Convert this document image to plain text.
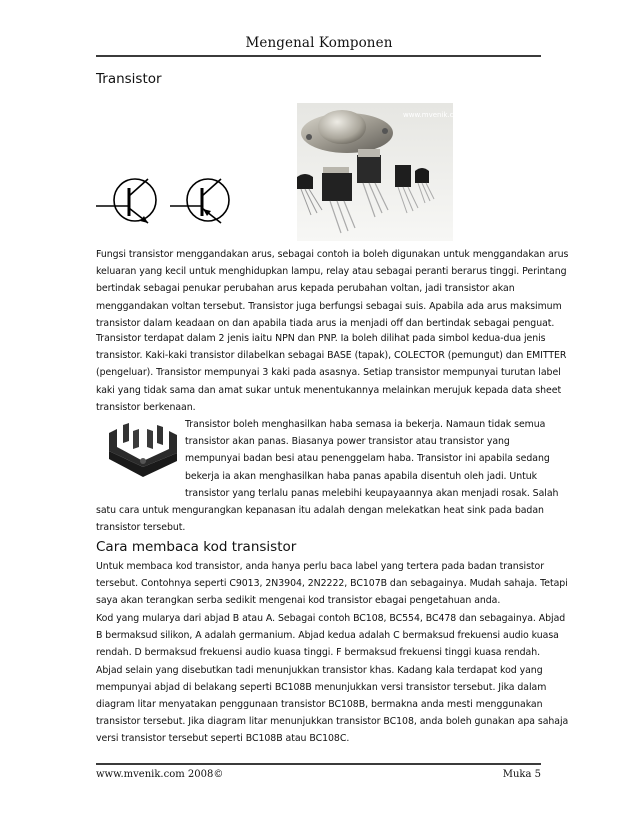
Mengenal Komponen
Transistor
www.mvenik.com

Fungsi transistor menggandakan arus, sebagai contoh ia boleh digunakan untuk menggandakan arus
keluaran yang kecil untuk menghidupkan lampu, relay atau sebagai peranti berarus tinggi. Perintang
bertindak sebagai penukar perubahan arus kepada perubahan voltan, jadi transistor akan
menggandakan voltan tersebut. Transistor juga berfungsi sebagai suis. Apabila ada arus maksimum
transistor dalam keadaan on dan apabila tiada arus ia menjadi off dan bertindak sebagai penguat.

Transistor terdapat dalam 2 jenis iaitu NPN dan PNP. Ia boleh dilihat pada simbol kedua-dua jenis
transistor. Kaki-kaki transistor dilabelkan sebagai BASE (tapak), COLECTOR (pemungut) dan EMITTER
(pengeluar). Transistor mempunyai 3 kaki pada asasnya. Setiap transistor mempunyai turutan label
kaki yang tidak sama dan amat sukar untuk menentukannya melainkan merujuk kepada data sheet
transistor berkenaan.

Transistor boleh menghasilkan haba semasa ia bekerja. Namaun tidak semua
transistor akan panas. Biasanya power transistor atau transistor yang
mempunyai badan besi atau penenggelam haba. Transistor ini apabila sedang
bekerja ia akan menghasilkan haba panas apabila disentuh oleh jadi. Untuk
transistor yang terlalu panas melebihi keupayaannya akan menjadi rosak. Salah
satu cara untuk mengurangkan kepanasan itu adalah dengan melekatkan heat sink pada badan
transistor tersebut.

Cara membaca kod transistor

Untuk membaca kod transistor, anda hanya perlu baca label yang tertera pada badan transistor
tersebut. Contohnya seperti C9013, 2N3904, 2N2222, BC107B dan sebagainya. Mudah sahaja. Tetapi
saya akan terangkan serba sedikit mengenai kod transistor ebagai pengetahuan anda.

Kod yang mularya dari abjad B atau A. Sebagai contoh BC108, BC554, BC478 dan sebagainya. Abjad
B bermaksud silikon, A adalah germanium. Abjad kedua adalah C bermaksud frekuensi audio kuasa
rendah. D bermaksud frekuensi audio kuasa tinggi. F bermaksud frekuensi tinggi kuasa rendah.
Abjad selain yang disebutkan tadi menunjukkan transistor khas. Kadang kala terdapat kod yang
mempunyai abjad di belakang seperti BC108B menunjukkan versi transistor tersebut. Jika dalam
diagram litar menyatakan penggunaan transistor BC108B, bermakna anda mesti menggunakan
transistor tersebut. Jika diagram litar menunjukkan transistor BC108, anda boleh gunakan apa sahaja
versi transistor tersebut seperti BC108B atau BC108C.

www.mvenik.com 2008©	Muka 5
